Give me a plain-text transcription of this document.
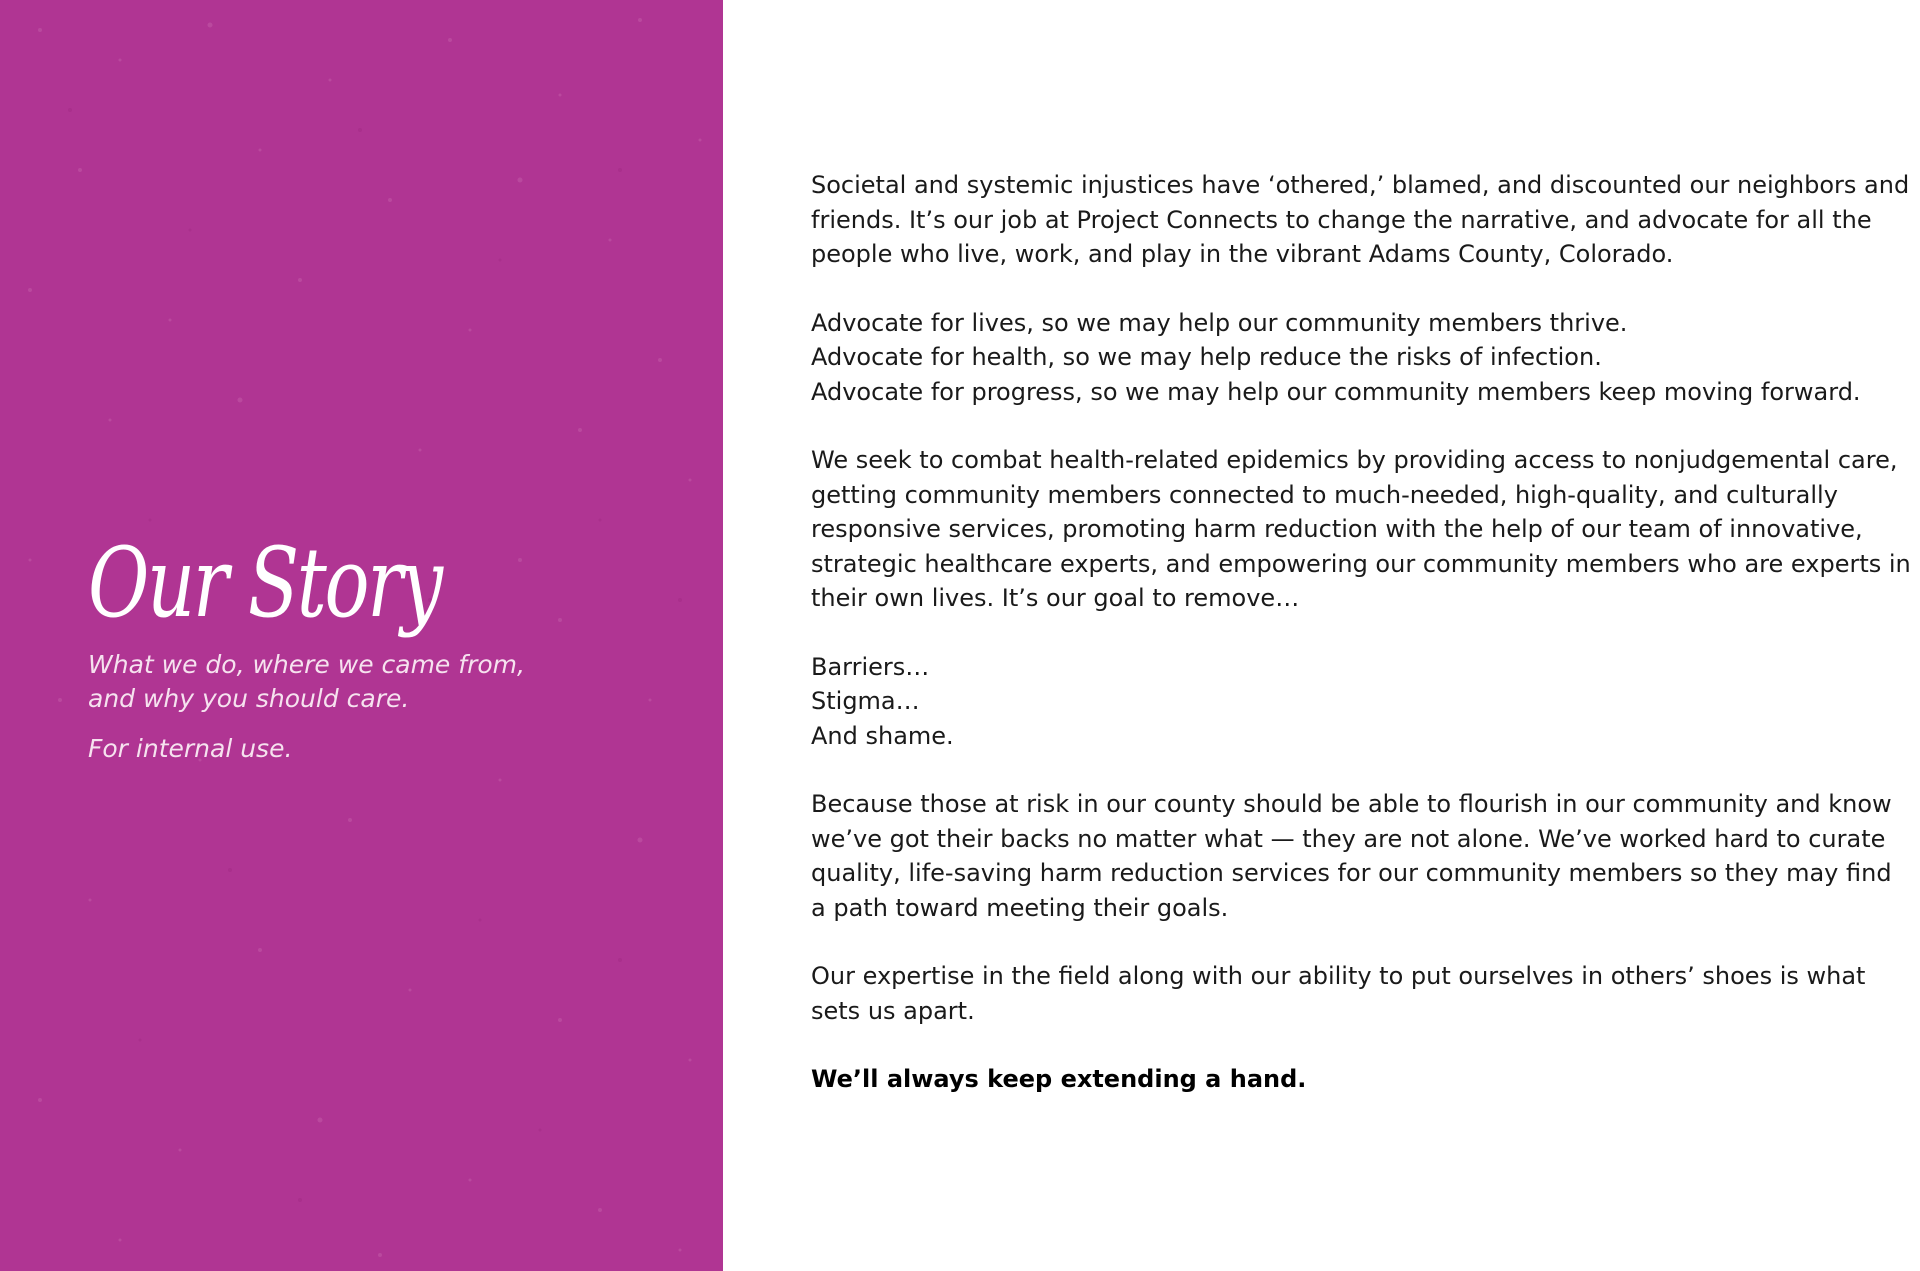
Our Story

What we do, where we came from, and why you should care.

For internal use.

Societal and systemic injustices have ‘othered,’ blamed, and discounted our neighbors and friends. It’s our job at Project Connects to change the narrative, and advocate for all the people who live, work, and play in the vibrant Adams County, Colorado.

Advocate for lives, so we may help our community members thrive.
Advocate for health, so we may help reduce the risks of infection.
Advocate for progress, so we may help our community members keep moving forward.

We seek to combat health-related epidemics by providing access to nonjudgemental care, getting community members connected to much-needed, high-quality, and culturally responsive services, promoting harm reduction with the help of our team of innovative, strategic healthcare experts, and empowering our community members who are experts in their own lives. It’s our goal to remove…

Barriers…
Stigma…
And shame.

Because those at risk in our county should be able to flourish in our community and know we’ve got their backs no matter what — they are not alone. We’ve worked hard to curate quality, life-saving harm reduction services for our community members so they may find a path toward meeting their goals.

Our expertise in the field along with our ability to put ourselves in others’ shoes is what sets us apart.

We’ll always keep extending a hand.
